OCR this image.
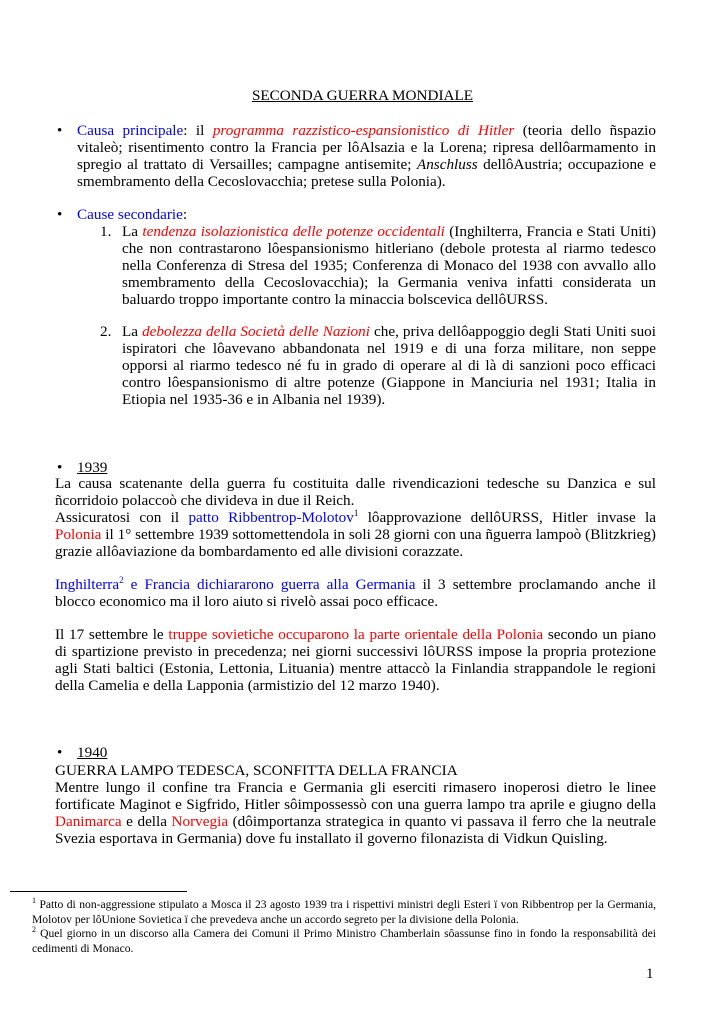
SECONDA GUERRA MONDIALE
• Causa principale: il programma razzistico-espansionistico di Hitler (teoria dello ñspazio vitaleò; risentimento contro la Francia per lôAlsazia e la Lorena; ripresa dellôarmamento in spregio al trattato di Versailles; campagne antisemite; Anschluss dellôAustria; occupazione e smembramento della Cecoslovacchia; pretese sulla Polonia).
• Cause secondarie:
1. La tendenza isolazionistica delle potenze occidentali (Inghilterra, Francia e Stati Uniti) che non contrastarono lôespansionismo hitleriano (debole protesta al riarmo tedesco nella Conferenza di Stresa del 1935; Conferenza di Monaco del 1938 con avvallo allo smembramento della Cecoslovacchia); la Germania veniva infatti considerata un baluardo troppo importante contro la minaccia bolscevica dellôURSS.
2. La debolezza della Società delle Nazioni che, priva dellôappoggio degli Stati Uniti suoi ispiratori che lôavevano abbandonata nel 1919 e di una forza militare, non seppe opporsi al riarmo tedesco né fu in grado di operare al di là di sanzioni poco efficaci contro lôespansionismo di altre potenze (Giappone in Manciuria nel 1931; Italia in Etiopia nel 1935-36 e in Albania nel 1939).
• 1939
La causa scatenante della guerra fu costituita dalle rivendicazioni tedesche su Danzica e sul ñcorridoio polaccoò che divideva in due il Reich.
Assicuratosi con il patto Ribbentrop-Molotov$^1$ lôapprovazione dellôURSS, Hitler invase la Polonia il 1° settembre 1939 sottomettendola in soli 28 giorni con una ñguerra lampoò (Blitzkrieg) grazie allôaviazione da bombardamento ed alle divisioni corazzate.
Inghilterra$^2$ e Francia dichiararono guerra alla Germania il 3 settembre proclamando anche il blocco economico ma il loro aiuto si rivelò assai poco efficace.
Il 17 settembre le truppe sovietiche occuparono la parte orientale della Polonia secondo un piano di spartizione previsto in precedenza; nei giorni successivi lôURSS impose la propria protezione agli Stati baltici (Estonia, Lettonia, Lituania) mentre attaccò la Finlandia strappandole le regioni della Camelia e della Lapponia (armistizio del 12 marzo 1940).
• 1940
GUERRA LAMPO TEDESCA, SCONFITTA DELLA FRANCIA
Mentre lungo il confine tra Francia e Germania gli eserciti rimasero inoperosi dietro le linee fortificate Maginot e Sigfrido, Hitler sôimpossessò con una guerra lampo tra aprile e giugno della Danimarca e della Norvegia (dôimportanza strategica in quanto vi passava il ferro che la neutrale Svezia esportava in Germania) dove fu installato il governo filonazista di Vidkun Quisling.
$^1$ Patto di non-aggressione stipulato a Mosca il 23 agosto 1939 tra i rispettivi ministri degli Esteri ï von Ribbentrop per la Germania, Molotov per lôUnione Sovietica ï che prevedeva anche un accordo segreto per la divisione della Polonia.
$^2$ Quel giorno in un discorso alla Camera dei Comuni il Primo Ministro Chamberlain sôassunse fino in fondo la responsabilità dei cedimenti di Monaco.
1
